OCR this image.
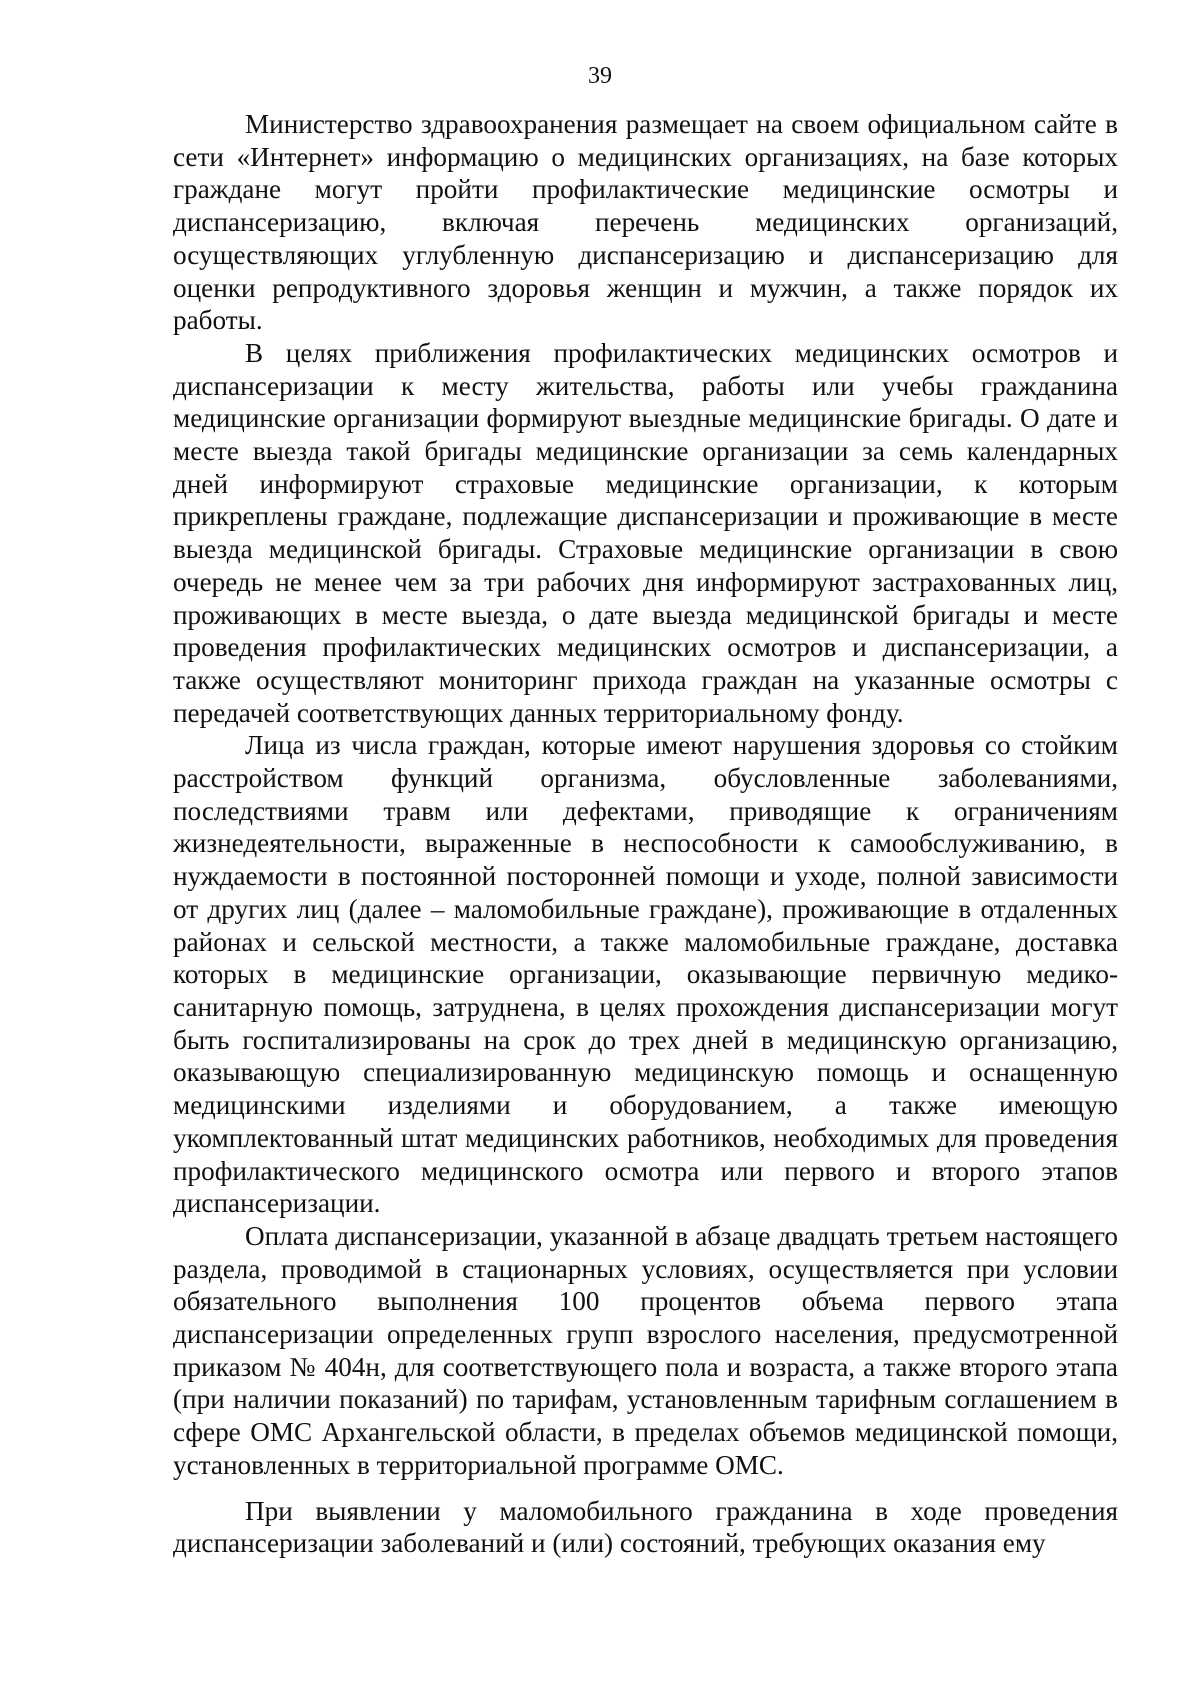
39

Министерство здравоохранения размещает на своем официальном сайте в сети «Интернет» информацию о медицинских организациях, на базе которых граждане могут пройти профилактические медицинские осмотры и диспансеризацию, включая перечень медицинских организаций, осуществляющих углубленную диспансеризацию и диспансеризацию для оценки репродуктивного здоровья женщин и мужчин, а также порядок их работы.

В целях приближения профилактических медицинских осмотров и диспансеризации к месту жительства, работы или учебы гражданина медицинские организации формируют выездные медицинские бригады. О дате и месте выезда такой бригады медицинские организации за семь календарных дней информируют страховые медицинские организации, к которым прикреплены граждане, подлежащие диспансеризации и проживающие в месте выезда медицинской бригады. Страховые медицинские организации в свою очередь не менее чем за три рабочих дня информируют застрахованных лиц, проживающих в месте выезда, о дате выезда медицинской бригады и месте проведения профилактических медицинских осмотров и диспансеризации, а также осуществляют мониторинг прихода граждан на указанные осмотры с передачей соответствующих данных территориальному фонду.

Лица из числа граждан, которые имеют нарушения здоровья со стойким расстройством функций организма, обусловленные заболеваниями, последствиями травм или дефектами, приводящие к ограничениям жизнедеятельности, выраженные в неспособности к самообслуживанию, в нуждаемости в постоянной посторонней помощи и уходе, полной зависимости от других лиц (далее – маломобильные граждане), проживающие в отдаленных районах и сельской местности, а также маломобильные граждане, доставка которых в медицинские организации, оказывающие первичную медико-санитарную помощь, затруднена, в целях прохождения диспансеризации могут быть госпитализированы на срок до трех дней в медицинскую организацию, оказывающую специализированную медицинскую помощь и оснащенную медицинскими изделиями и оборудованием, а также имеющую укомплектованный штат медицинских работников, необходимых для проведения профилактического медицинского осмотра или первого и второго этапов диспансеризации.

Оплата диспансеризации, указанной в абзаце двадцать третьем настоящего раздела, проводимой в стационарных условиях, осуществляется при условии обязательного выполнения 100 процентов объема первого этапа диспансеризации определенных групп взрослого населения, предусмотренной приказом № 404н, для соответствующего пола и возраста, а также второго этапа (при наличии показаний) по тарифам, установленным тарифным соглашением в сфере ОМС Архангельской области, в пределах объемов медицинской помощи, установленных в территориальной программе ОМС.

При выявлении у маломобильного гражданина в ходе проведения диспансеризации заболеваний и (или) состояний, требующих оказания ему
